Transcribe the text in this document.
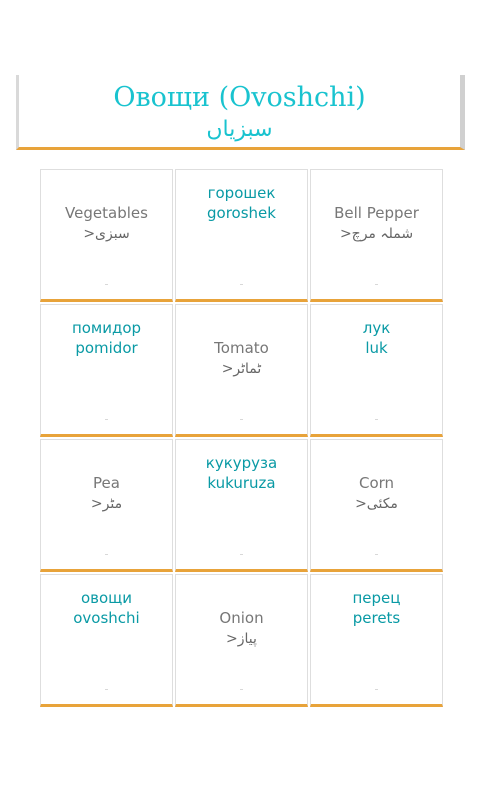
Овощи (Ovoshchi)
سبزیاں
Vegetables
>سبزی
горошек
goroshek	Bell Pepper
>شملہ مرچ
помидор
pomidor	Tomato
>ٹماٹر
лук
luk
Pea
>مٹر
кукуруза
kukuruza	Corn
>مکئی
овощи
ovoshchi	Onion
>پیاز
перец
perets
